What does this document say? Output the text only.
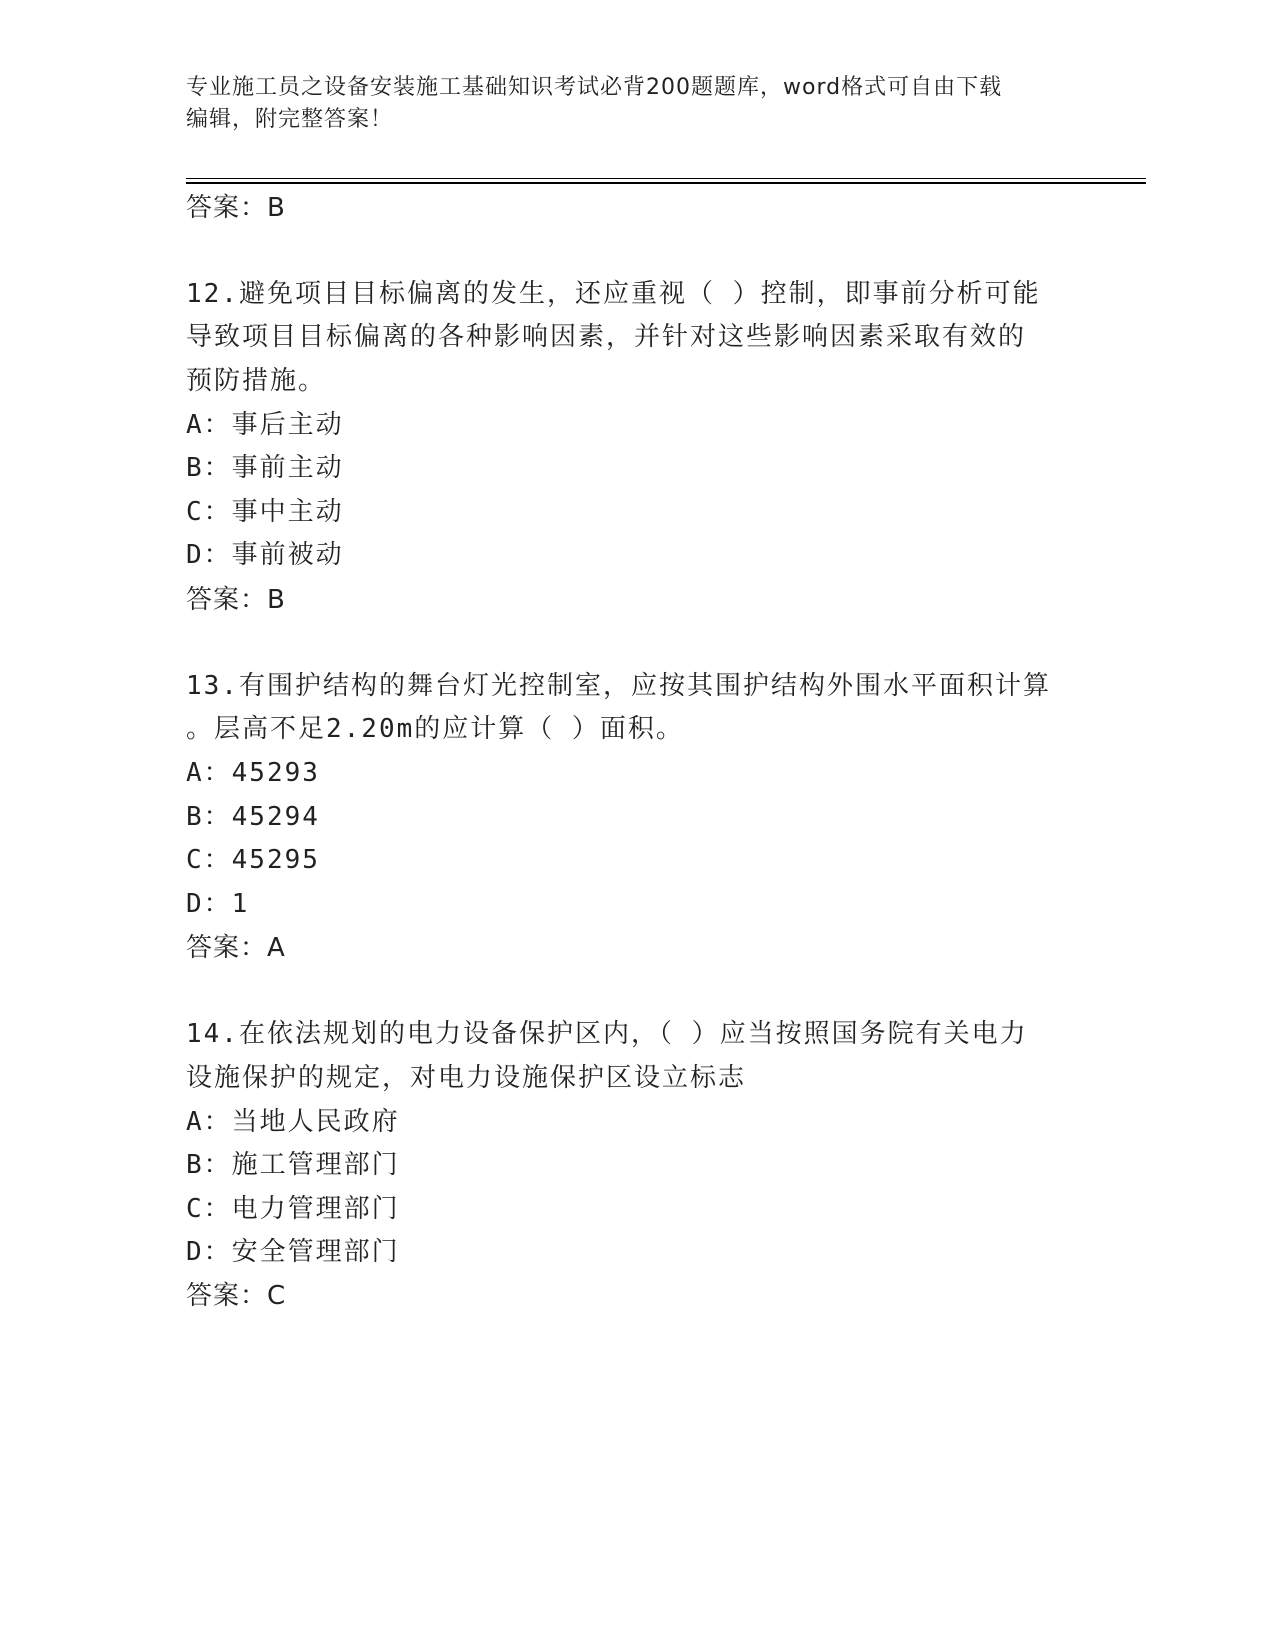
专业施工员之设备安装施工基础知识考试必背200题题库，word格式可自由下载
编辑，附完整答案！
答案：B
12.避免项目目标偏离的发生，还应重视（ ）控制，即事前分析可能
导致项目目标偏离的各种影响因素，并针对这些影响因素采取有效的
预防措施。
A：事后主动
B：事前主动
C：事中主动
D：事前被动
答案：B
13.有围护结构的舞台灯光控制室，应按其围护结构外围水平面积计算
。层高不足2.20m的应计算（ ）面积。
A：45293
B：45294
C：45295
D：1
答案：A
14.在依法规划的电力设备保护区内，（ ）应当按照国务院有关电力
设施保护的规定，对电力设施保护区设立标志
A：当地人民政府
B：施工管理部门
C：电力管理部门
D：安全管理部门
答案：C
